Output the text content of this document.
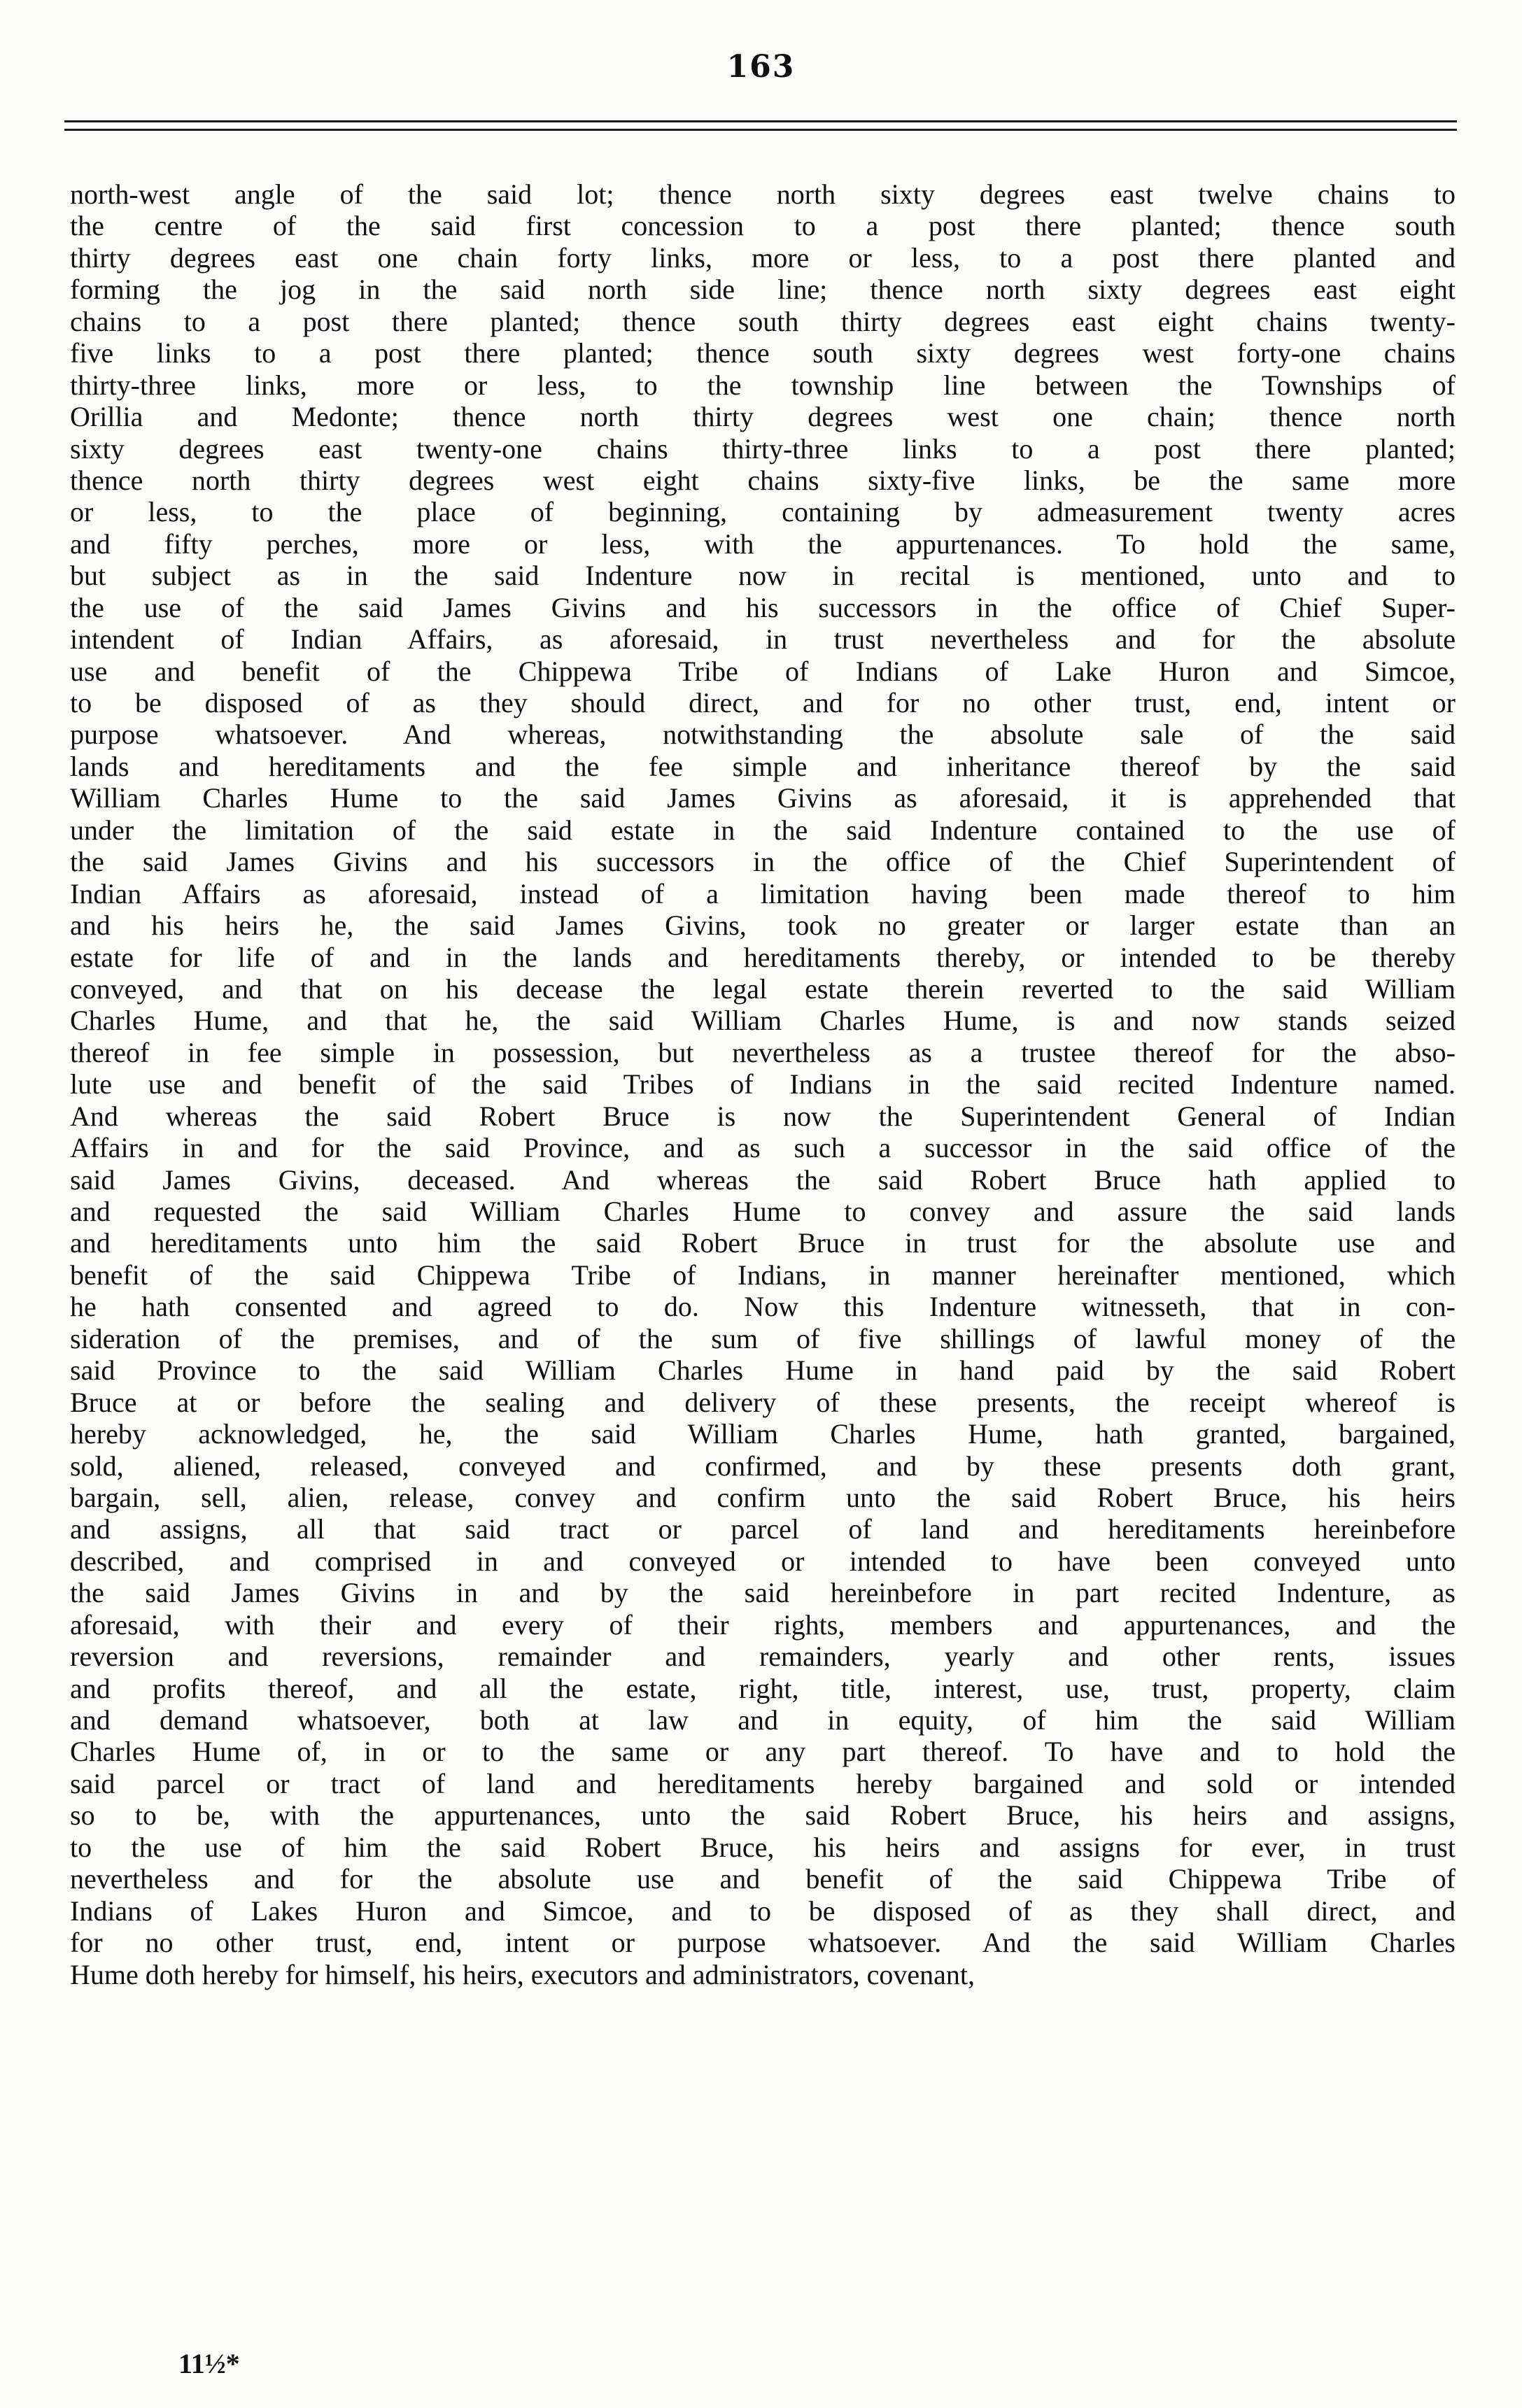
163
north-west angle of the said lot; thence north sixty degrees east twelve chains to
the centre of the said first concession to a post there planted; thence south
thirty degrees east one chain forty links, more or less, to a post there planted and
forming the jog in the said north side line; thence north sixty degrees east eight
chains to a post there planted; thence south thirty degrees east eight chains twenty-
five links to a post there planted; thence south sixty degrees west forty-one chains
thirty-three links, more or less, to the township line between the Townships of
Orillia and Medonte; thence north thirty degrees west one chain; thence north
sixty degrees east twenty-one chains thirty-three links to a post there planted;
thence north thirty degrees west eight chains sixty-five links, be the same more
or less, to the place of beginning, containing by admeasurement twenty acres
and fifty perches, more or less, with the appurtenances. To hold the same,
but subject as in the said Indenture now in recital is mentioned, unto and to
the use of the said James Givins and his successors in the office of Chief Super-
intendent of Indian Affairs, as aforesaid, in trust nevertheless and for the absolute
use and benefit of the Chippewa Tribe of Indians of Lake Huron and Simcoe,
to be disposed of as they should direct, and for no other trust, end, intent or
purpose whatsoever. And whereas, notwithstanding the absolute sale of the said
lands and hereditaments and the fee simple and inheritance thereof by the said
William Charles Hume to the said James Givins as aforesaid, it is apprehended that
under the limitation of the said estate in the said Indenture contained to the use of
the said James Givins and his successors in the office of the Chief Superintendent of
Indian Affairs as aforesaid, instead of a limitation having been made thereof to him
and his heirs he, the said James Givins, took no greater or larger estate than an
estate for life of and in the lands and hereditaments thereby, or intended to be thereby
conveyed, and that on his decease the legal estate therein reverted to the said William
Charles Hume, and that he, the said William Charles Hume, is and now stands seized
thereof in fee simple in possession, but nevertheless as a trustee thereof for the abso-
lute use and benefit of the said Tribes of Indians in the said recited Indenture named.
And whereas the said Robert Bruce is now the Superintendent General of Indian
Affairs in and for the said Province, and as such a successor in the said office of the
said James Givins, deceased. And whereas the said Robert Bruce hath applied to
and requested the said William Charles Hume to convey and assure the said lands
and hereditaments unto him the said Robert Bruce in trust for the absolute use and
benefit of the said Chippewa Tribe of Indians, in manner hereinafter mentioned, which
he hath consented and agreed to do. Now this Indenture witnesseth, that in con-
sideration of the premises, and of the sum of five shillings of lawful money of the
said Province to the said William Charles Hume in hand paid by the said Robert
Bruce at or before the sealing and delivery of these presents, the receipt whereof is
hereby acknowledged, he, the said William Charles Hume, hath granted, bargained,
sold, aliened, released, conveyed and confirmed, and by these presents doth grant,
bargain, sell, alien, release, convey and confirm unto the said Robert Bruce, his heirs
and assigns, all that said tract or parcel of land and hereditaments hereinbefore
described, and comprised in and conveyed or intended to have been conveyed unto
the said James Givins in and by the said hereinbefore in part recited Indenture, as
aforesaid, with their and every of their rights, members and appurtenances, and the
reversion and reversions, remainder and remainders, yearly and other rents, issues
and profits thereof, and all the estate, right, title, interest, use, trust, property, claim
and demand whatsoever, both at law and in equity, of him the said William
Charles Hume of, in or to the same or any part thereof. To have and to hold the
said parcel or tract of land and hereditaments hereby bargained and sold or intended
so to be, with the appurtenances, unto the said Robert Bruce, his heirs and assigns,
to the use of him the said Robert Bruce, his heirs and assigns for ever, in trust
nevertheless and for the absolute use and benefit of the said Chippewa Tribe of
Indians of Lakes Huron and Simcoe, and to be disposed of as they shall direct, and
for no other trust, end, intent or purpose whatsoever. And the said William Charles
Hume doth hereby for himself, his heirs, executors and administrators, covenant,
11½*
